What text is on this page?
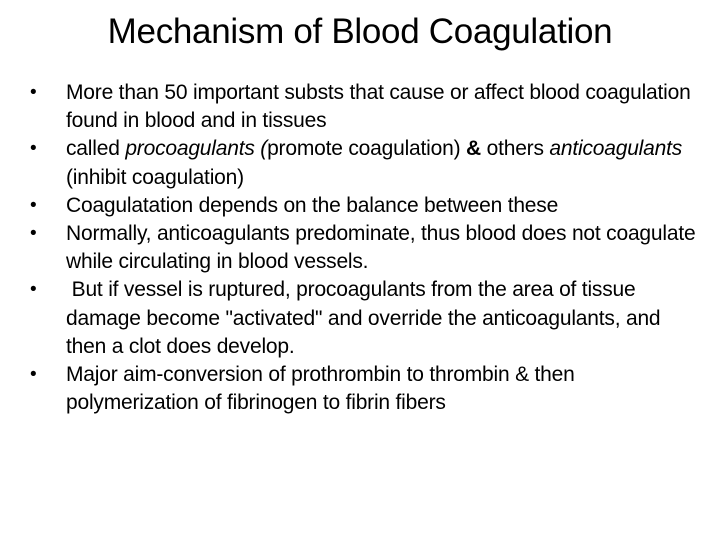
Mechanism of Blood Coagulation
• More than 50 important substs that cause or affect blood coagulation found in blood and in tissues
• called procoagulants (promote coagulation) & others anticoagulants (inhibit coagulation)
• Coagulatation depends on the balance between these
• Normally, anticoagulants predominate, thus blood does not coagulate while circulating in blood vessels.
• But if vessel is ruptured, procoagulants from the area of tissue damage become "activated" and override the anticoagulants, and then a clot does develop.
• Major aim-conversion of prothrombin to thrombin & then  polymerization of fibrinogen to fibrin fibers
